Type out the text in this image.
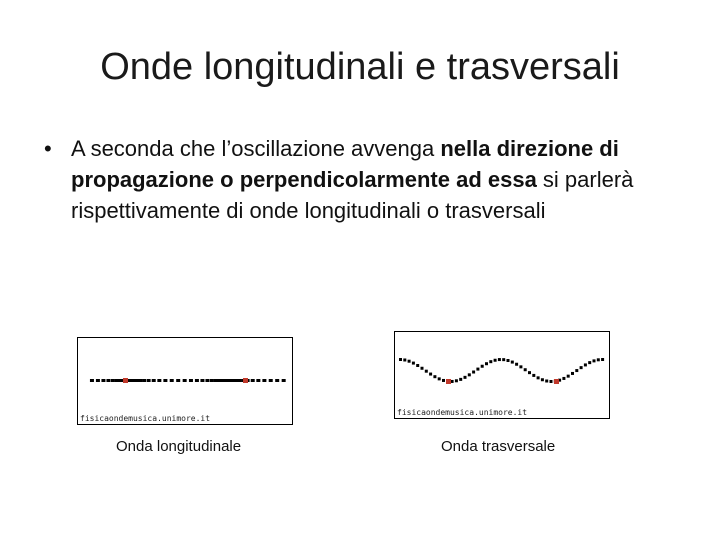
Onde longitudinali e trasversali
• A seconda che l’oscillazione avvenga nella direzione di propagazione o perpendicolarmente ad essa si parlerà rispettivamente di onde longitudinali o trasversali
fisicaondemusica.unimore.it
Onda longitudinale
fisicaondemusica.unimore.it
Onda trasversale
